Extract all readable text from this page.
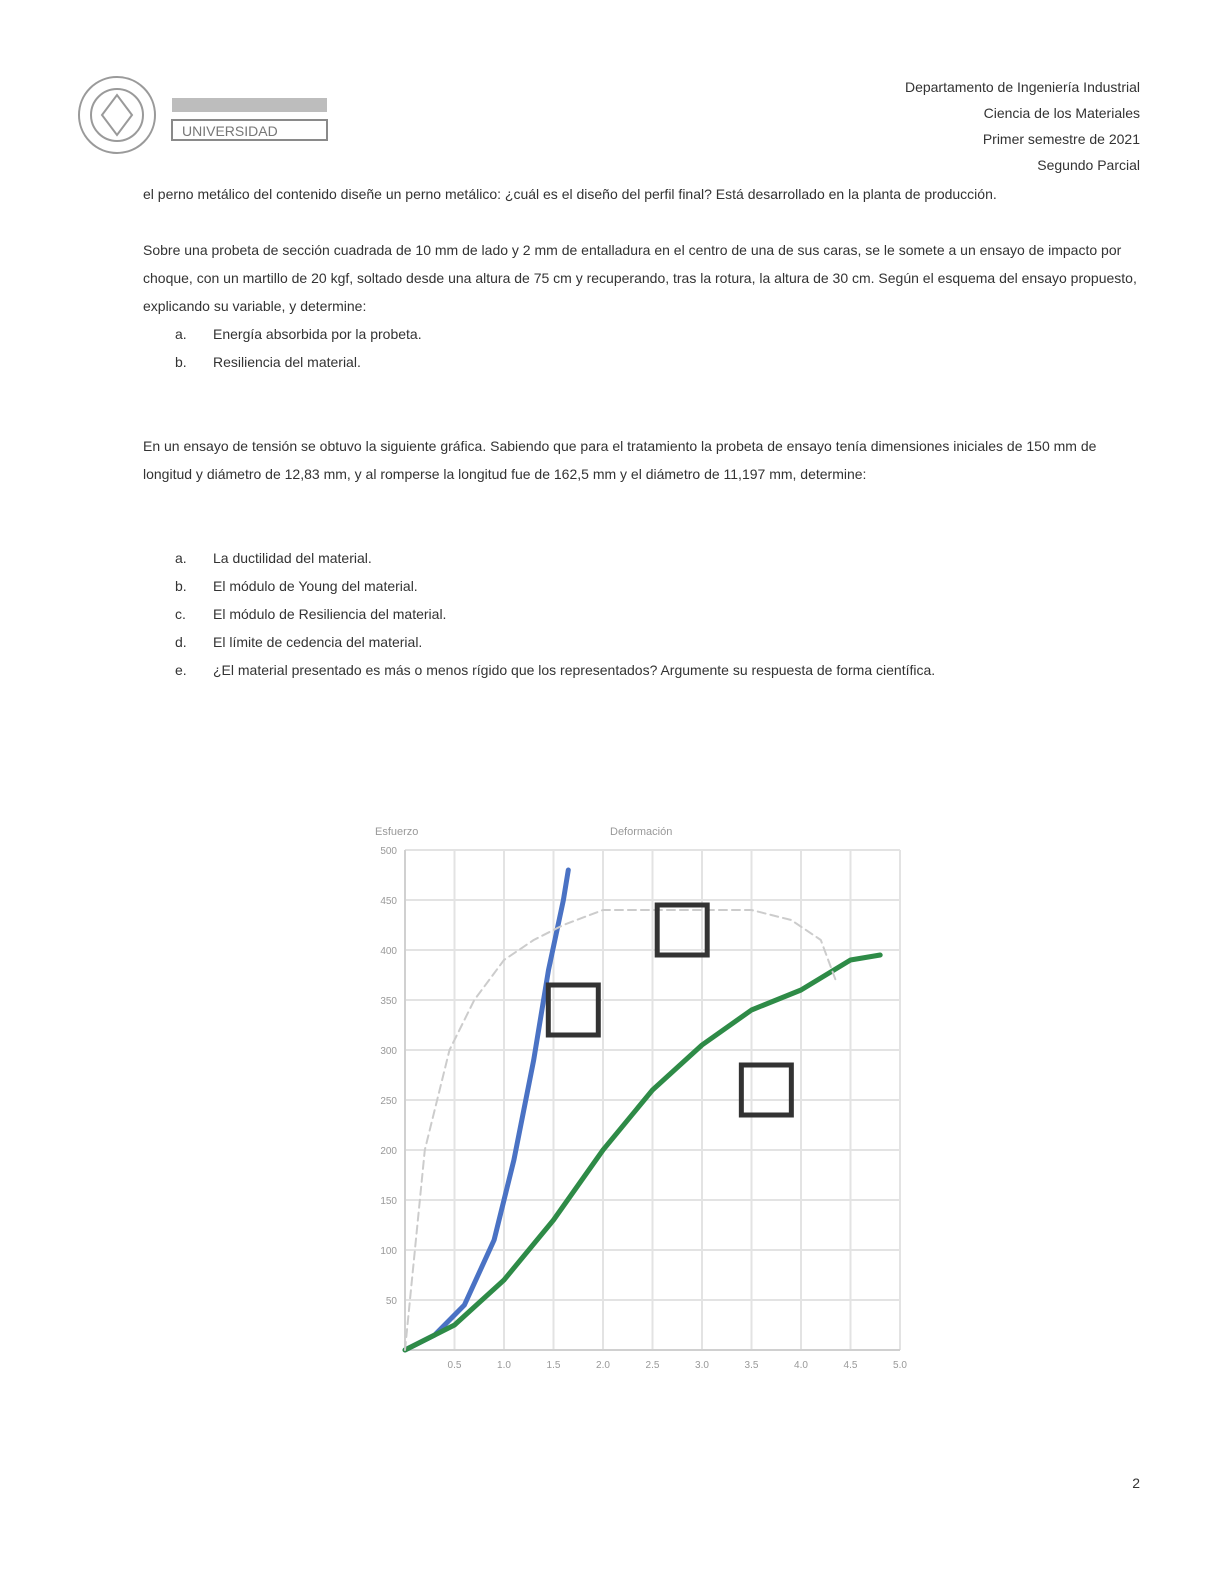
UNIVERSIDAD
Departamento de Ingeniería Industrial
Ciencia de los Materiales
Primer semestre de 2021
Segundo Parcial

el perno metálico del contenido diseñe un perno metálico: ¿cuál es el diseño del perfil final? Está desarrollado en la planta de producción.

Sobre una probeta de sección cuadrada de 10 mm de lado y 2 mm de entalladura en el centro de una de sus caras, se le somete a un ensayo de impacto por choque, con un martillo de 20 kgf, soltado desde una altura de 75 cm y recuperando, tras la rotura, la altura de 30 cm. Según el esquema del ensayo propuesto, explicando su variable, y determine:

a. Energía absorbida por la probeta.
b. Resiliencia del material.

En un ensayo de tensión se obtuvo la siguiente gráfica. Sabiendo que para el tratamiento la probeta de ensayo tenía dimensiones iniciales de 150 mm de longitud y diámetro de 12,83 mm, y al romperse la longitud fue de 162,5 mm y el diámetro de 11,197 mm, determine:

a. La ductilidad del material.
b. El módulo de Young del material.
c. El módulo de Resiliencia del material.
d. El límite de cedencia del material.
e. ¿El material presentado es más o menos rígido que los representados? Argumente su respuesta de forma científica.
0.5	1.0	1.5	2.0	2.5	3.0	3.5	4.0	4.5	5.0
50
100
150
200
250
300
350
400
450
500
Esfuerzo	Deformación
2
